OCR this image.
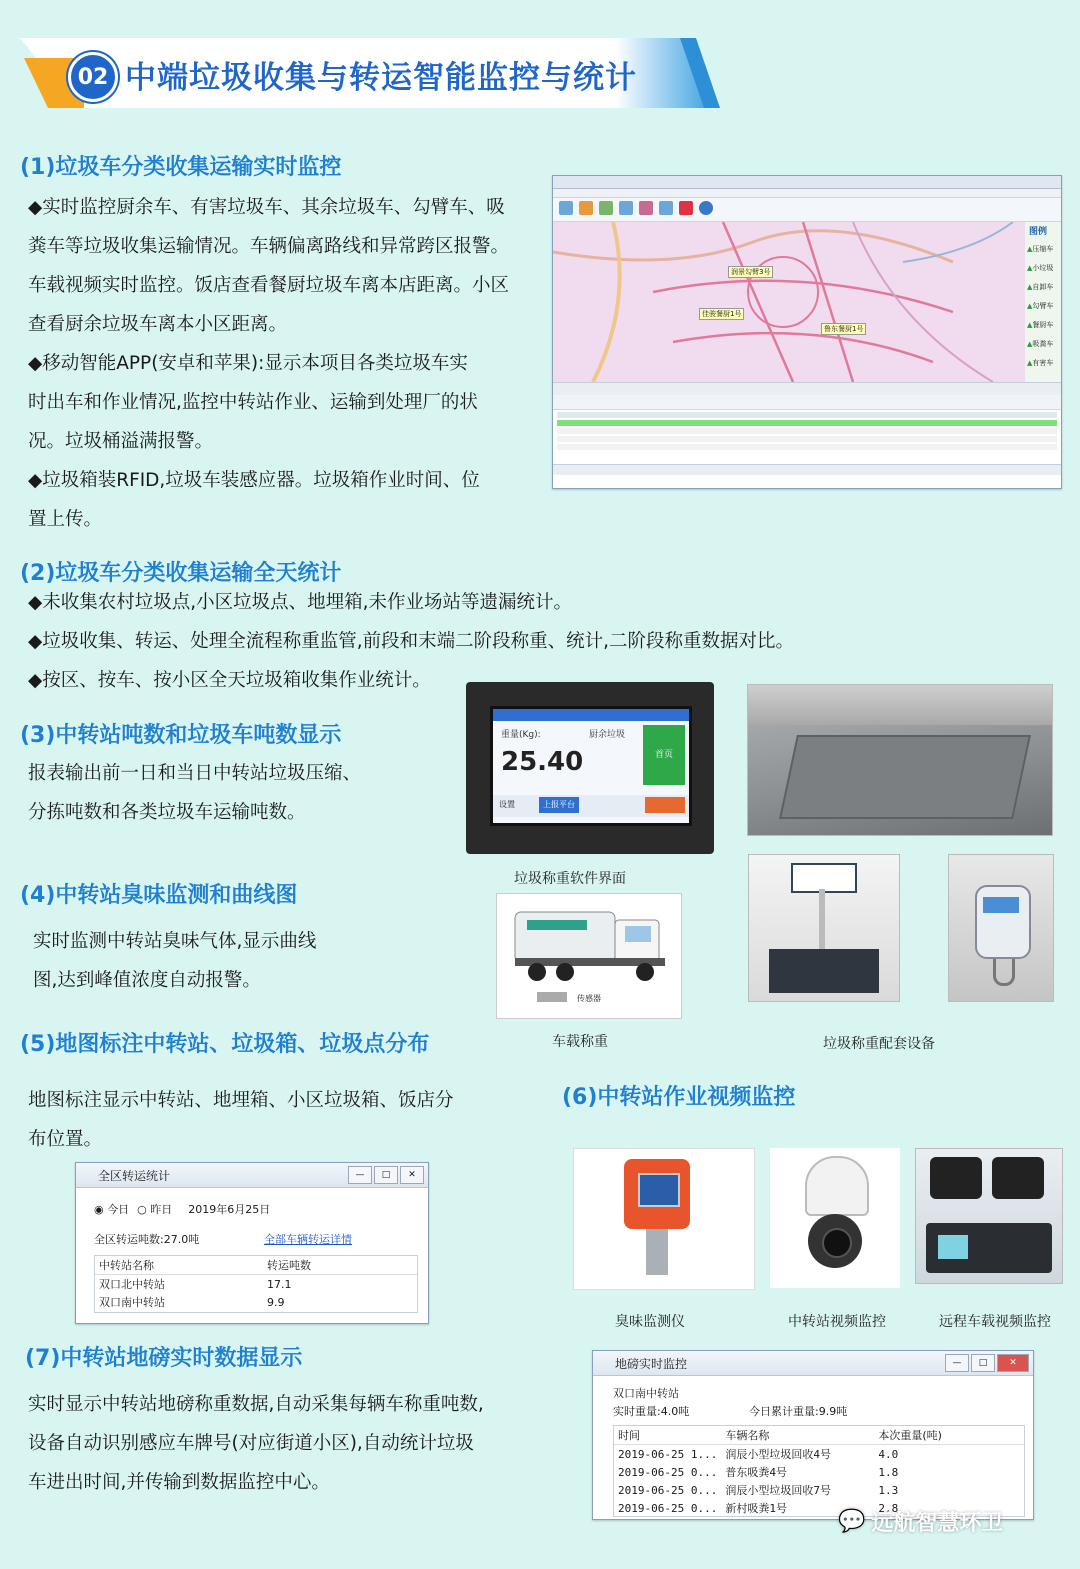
02 中端垃圾收集与转运智能监控与统计
(1)垃圾车分类收集运输实时监控
◆实时监控厨余车、有害垃圾车、其余垃圾车、勾臂车、吸
粪车等垃圾收集运输情况。车辆偏离路线和异常跨区报警。
车载视频实时监控。饭店查看餐厨垃圾车离本店距离。小区
查看厨余垃圾车离本小区距离。
◆移动智能APP(安卓和苹果):显示本项目各类垃圾车实
时出车和作业情况,监控中转站作业、运输到处理厂的状
况。垃圾桶溢满报警。
◆垃圾箱装RFID,垃圾车装感应器。垃圾箱作业时间、位
置上传。
图例
▲压缩车
▲小垃圾
▲自卸车
▲勾臂车
▲餐厨车
▲吸粪车
▲有害车
润景勾臂3号
佳骏餐厨1号
鲁东餐厨1号
(2)垃圾车分类收集运输全天统计
◆未收集农村垃圾点,小区垃圾点、地埋箱,未作业场站等遗漏统计。
◆垃圾收集、转运、处理全流程称重监管,前段和末端二阶段称重、统计,二阶段称重数据对比。
◆按区、按车、按小区全天垃圾箱收集作业统计。
(3)中转站吨数和垃圾车吨数显示
报表输出前一日和当日中转站垃圾压缩、
分拣吨数和各类垃圾车运输吨数。
重量(Kg):	厨余垃圾
25.40	首页
设置	上报平台
垃圾称重软件界面
(4)中转站臭味监测和曲线图
实时监测中转站臭味气体,显示曲线
图,达到峰值浓度自动报警。
传感器
车载称重	垃圾称重配套设备
(5)地图标注中转站、垃圾箱、垃圾点分布
地图标注显示中转站、地埋箱、小区垃圾箱、饭店分
布位置。
(6)中转站作业视频监控
全区转运统计	—	□	✕
◉ 今日 ○ 昨日 2019年6月25日
全区转运吨数:27.0吨	全部车辆转运详情
中转站名称	转运吨数
双口北中转站	17.1
双口南中转站	9.9
臭味监测仪	中转站视频监控	远程车载视频监控
(7)中转站地磅实时数据显示
实时显示中转站地磅称重数据,自动采集每辆车称重吨数,
设备自动识别感应车牌号(对应街道小区),自动统计垃圾
车进出时间,并传输到数据监控中心。
地磅实时监控	—	□	✕
双口南中转站
实时重量:4.0吨	今日累计重量:9.9吨
时间	车辆名称	本次重量(吨)
2019-06-25 1...	润辰小型垃圾回收4号	4.0
2019-06-25 0...	普东吸粪4号	1.8
2019-06-25 0...	润辰小型垃圾回收7号	1.3
2019-06-25 0...	新村吸粪1号	2.8
💬 远航智慧环卫
